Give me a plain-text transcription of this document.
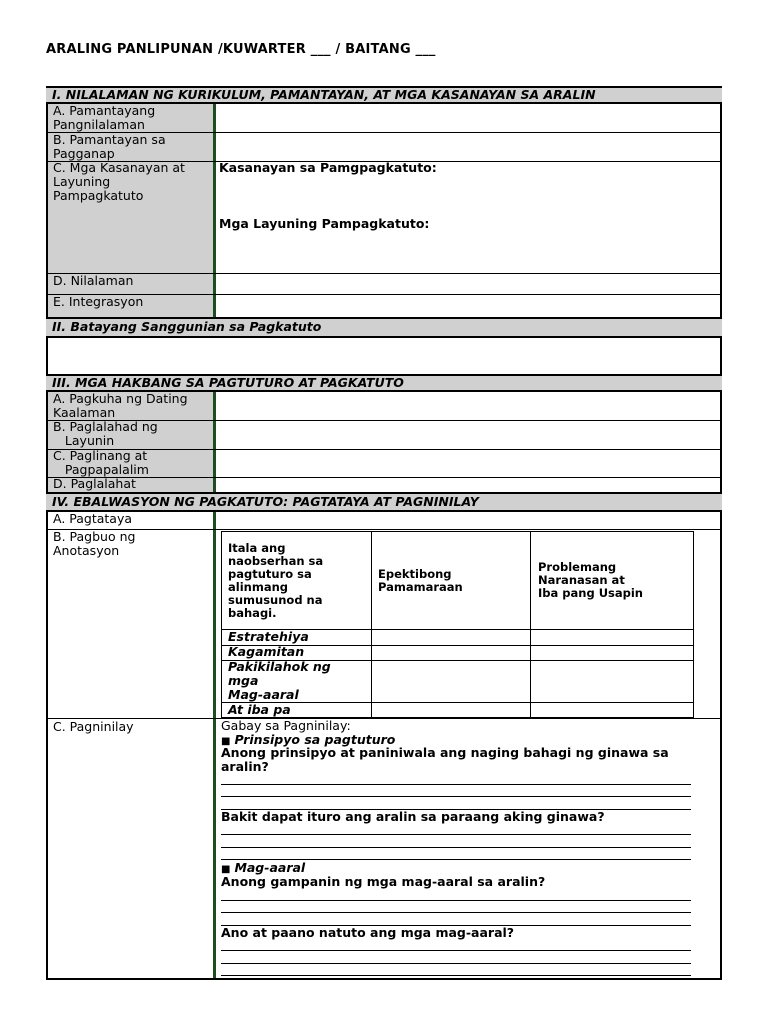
ARALING PANLIPUNAN /KUWARTER ___ / BAITANG ___
I. NILALAMAN NG KURIKULUM, PAMANTAYAN, AT MGA KASANAYAN SA ARALIN
A. Pamantayang
Pangnilalaman
B. Pamantayan sa
Pagganap
C. Mga Kasanayan at
Layuning
Pampagkatuto
D. Nilalaman
E. Integrasyon
Kasanayan sa Pamgpagkatuto:
Mga Layuning Pampagkatuto:
II. Batayang Sanggunian sa Pagkatuto
III. MGA HAKBANG SA PAGTUTURO AT PAGKATUTO
A. Pagkuha ng Dating
Kaalaman
B. Paglalahad ng
Layunin
C. Paglinang at
Pagpapalalim
D. Paglalahat
IV. EBALWASYON NG PAGKATUTO: PAGTATAYA AT PAGNINILAY
A. Pagtataya
B. Pagbuo ng
Anotasyon
C. Pagninilay
Itala ang
naobserhan sa
pagtuturo sa
alinmang
sumusunod na
bahagi.
Epektibong
Pamamaraan
Problemang
Naranasan at
Iba pang Usapin
Estratehiya
Kagamitan
Pakikilahok ng
mga
Mag-aaral
At iba pa
Gabay sa Pagninilay:
■ Prinsipyo sa pagtuturo
Anong prinsipyo at paniniwala ang naging bahagi ng ginawa sa
aralin?
Bakit dapat ituro ang aralin sa paraang aking ginawa?
■ Mag-aaral
Anong gampanin ng mga mag-aaral sa aralin?
Ano at paano natuto ang mga mag-aaral?
